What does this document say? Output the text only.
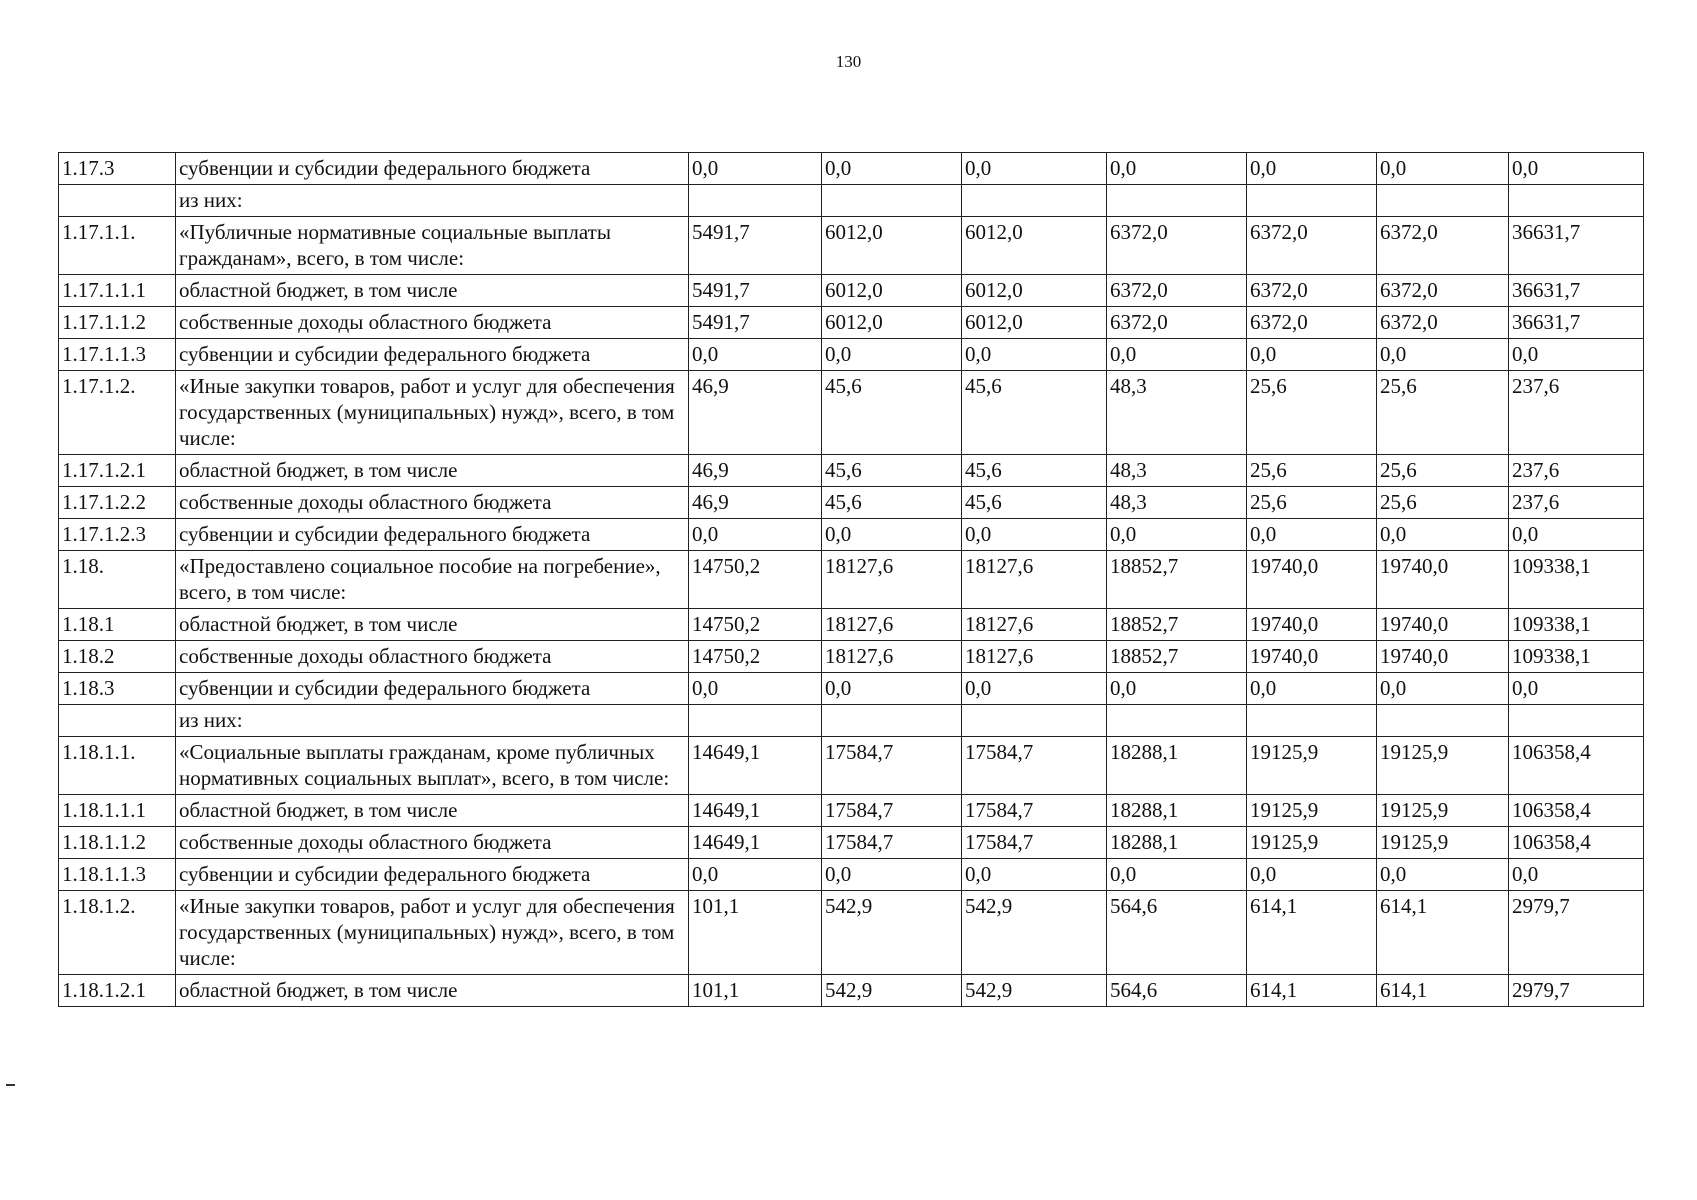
130
1.17.3	субвенции и субсидии федерального бюджета	0,0	0,0	0,0	0,0	0,0	0,0	0,0
	из них:							
1.17.1.1.	«Публичные нормативные социальные выплаты гражданам», всего, в том числе:	5491,7	6012,0	6012,0	6372,0	6372,0	6372,0	36631,7
1.17.1.1.1	областной бюджет, в том числе	5491,7	6012,0	6012,0	6372,0	6372,0	6372,0	36631,7
1.17.1.1.2	собственные доходы областного бюджета	5491,7	6012,0	6012,0	6372,0	6372,0	6372,0	36631,7
1.17.1.1.3	субвенции и субсидии федерального бюджета	0,0	0,0	0,0	0,0	0,0	0,0	0,0
1.17.1.2.	«Иные закупки товаров, работ и услуг для обеспечения государственных (муниципальных) нужд», всего, в том числе:	46,9	45,6	45,6	48,3	25,6	25,6	237,6
1.17.1.2.1	областной бюджет, в том числе	46,9	45,6	45,6	48,3	25,6	25,6	237,6
1.17.1.2.2	собственные доходы областного бюджета	46,9	45,6	45,6	48,3	25,6	25,6	237,6
1.17.1.2.3	субвенции и субсидии федерального бюджета	0,0	0,0	0,0	0,0	0,0	0,0	0,0
1.18.	«Предоставлено социальное пособие на погребение», всего, в том числе:	14750,2	18127,6	18127,6	18852,7	19740,0	19740,0	109338,1
1.18.1	областной бюджет, в том числе	14750,2	18127,6	18127,6	18852,7	19740,0	19740,0	109338,1
1.18.2	собственные доходы областного бюджета	14750,2	18127,6	18127,6	18852,7	19740,0	19740,0	109338,1
1.18.3	субвенции и субсидии федерального бюджета	0,0	0,0	0,0	0,0	0,0	0,0	0,0
	из них:							
1.18.1.1.	«Социальные выплаты гражданам, кроме публичных нормативных социальных выплат», всего, в том числе:	14649,1	17584,7	17584,7	18288,1	19125,9	19125,9	106358,4
1.18.1.1.1	областной бюджет, в том числе	14649,1	17584,7	17584,7	18288,1	19125,9	19125,9	106358,4
1.18.1.1.2	собственные доходы областного бюджета	14649,1	17584,7	17584,7	18288,1	19125,9	19125,9	106358,4
1.18.1.1.3	субвенции и субсидии федерального бюджета	0,0	0,0	0,0	0,0	0,0	0,0	0,0
1.18.1.2.	«Иные закупки товаров, работ и услуг для обеспечения государственных (муниципальных) нужд», всего, в том числе:	101,1	542,9	542,9	564,6	614,1	614,1	2979,7
1.18.1.2.1	областной бюджет, в том числе	101,1	542,9	542,9	564,6	614,1	614,1	2979,7
